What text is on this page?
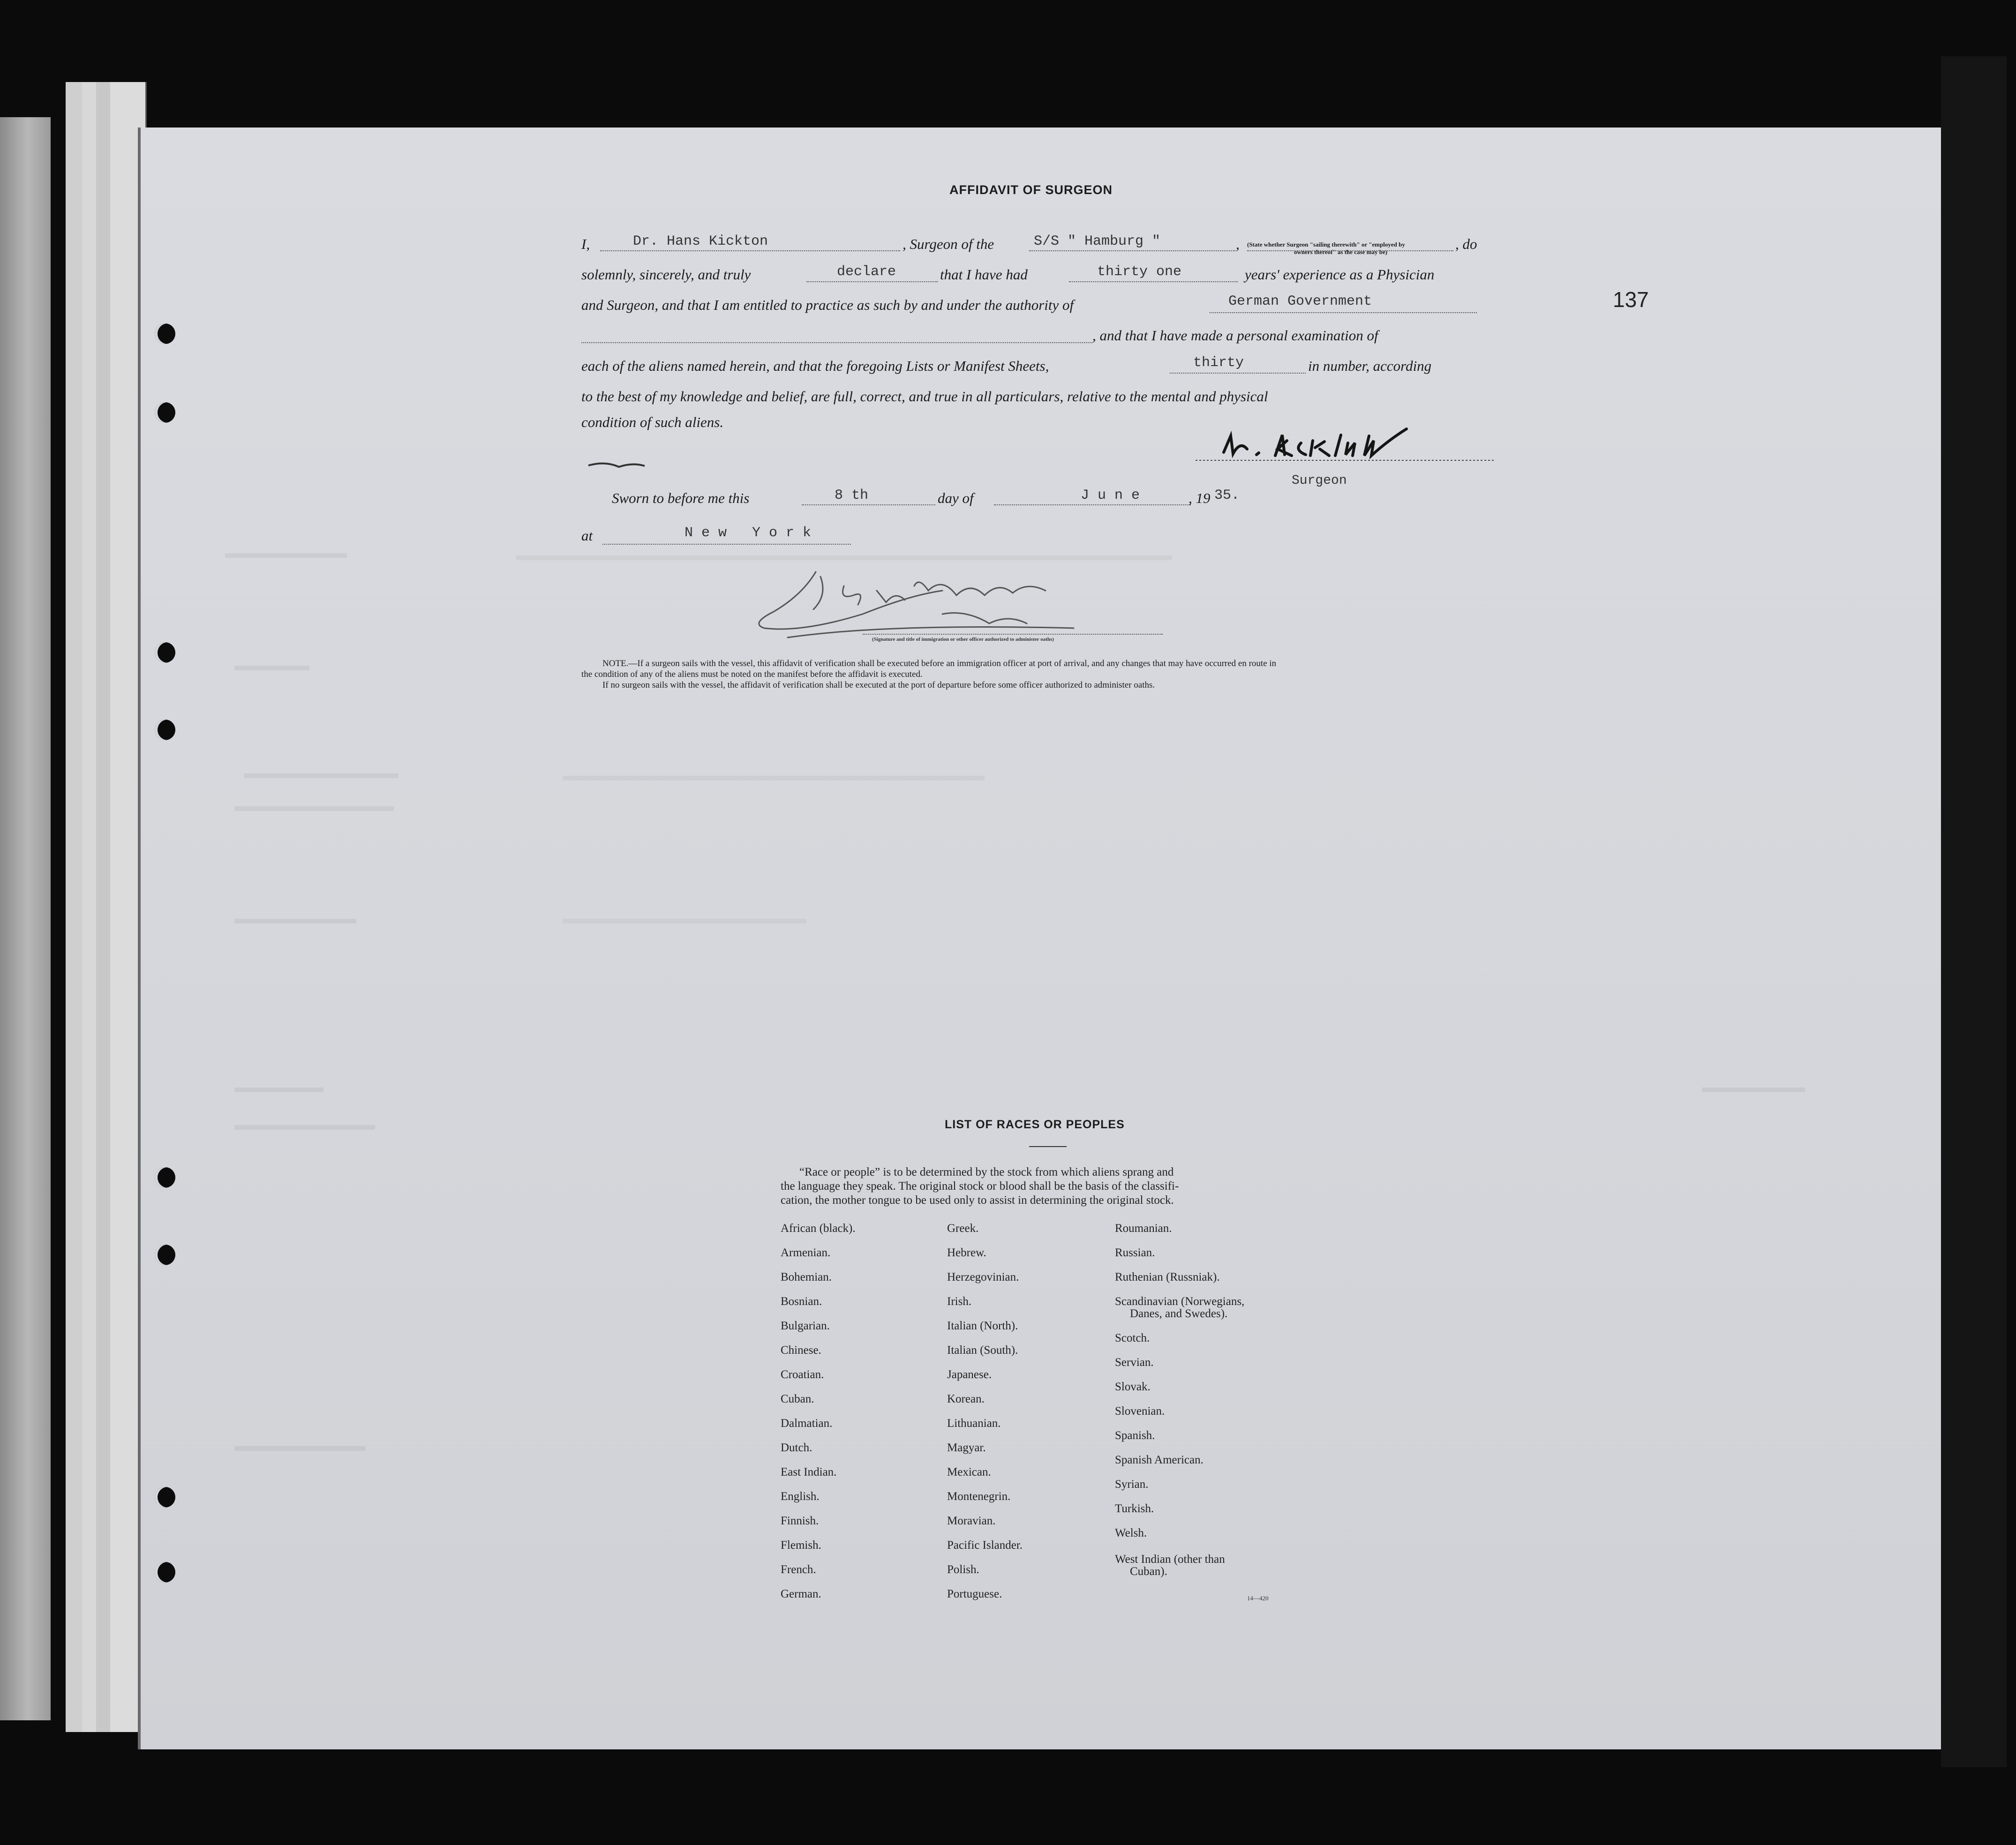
137
AFFIDAVIT OF SURGEON
I,	Dr. Hans Kickton	, Surgeon of the	S/S " Hamburg "	, (State whether Surgeon "sailing therewith" or "employed by
owners thereof" as the case may be)	, do
solemnly, sincerely, and truly	declare	that I have had	thirty one	years' experience as a Physician
and Surgeon, and that I am entitled to practice as such by and under the authority of	German Government
, and that I have made a personal examination of
each of the aliens named herein, and that the foregoing Lists or Manifest Sheets,	thirty	in number, according
to the best of my knowledge and belief, are full, correct, and true in all particulars, relative to the mental and physical
condition of such aliens.
Surgeon
Sworn to before me this	8 th	day of	J u n e	, 19 35.
at	N e w   Y o r k
(Signature and title of immigration or other officer authorized to administer oaths)
NOTE.—If a surgeon sails with the vessel, this affidavit of verification shall be executed before an immigration officer at port of arrival, and any changes that may have occurred en route in
the condition of any of the aliens must be noted on the manifest before the affidavit is executed.
If no surgeon sails with the vessel, the affidavit of verification shall be executed at the port of departure before some officer authorized to administer oaths.
LIST OF RACES OR PEOPLES
“Race or people” is to be determined by the stock from which aliens sprang and
the language they speak. The original stock or blood shall be the basis of the classifi-
cation, the mother tongue to be used only to assist in determining the original stock.
African (black).
Armenian.
Bohemian.
Bosnian.
Bulgarian.
Chinese.
Croatian.
Cuban.
Dalmatian.
Dutch.
East Indian.
English.
Finnish.
Flemish.
French.
German.
Greek.
Hebrew.
Herzegovinian.
Irish.
Italian (North).
Italian (South).
Japanese.
Korean.
Lithuanian.
Magyar.
Mexican.
Montenegrin.
Moravian.
Pacific Islander.
Polish.
Portuguese.
Roumanian.
Russian.
Ruthenian (Russniak).
Scandinavian (Norwegians,
Danes, and Swedes).
Scotch.
Servian.
Slovak.
Slovenian.
Spanish.
Spanish American.
Syrian.
Turkish.
Welsh.
West Indian (other than
Cuban).
14—420
